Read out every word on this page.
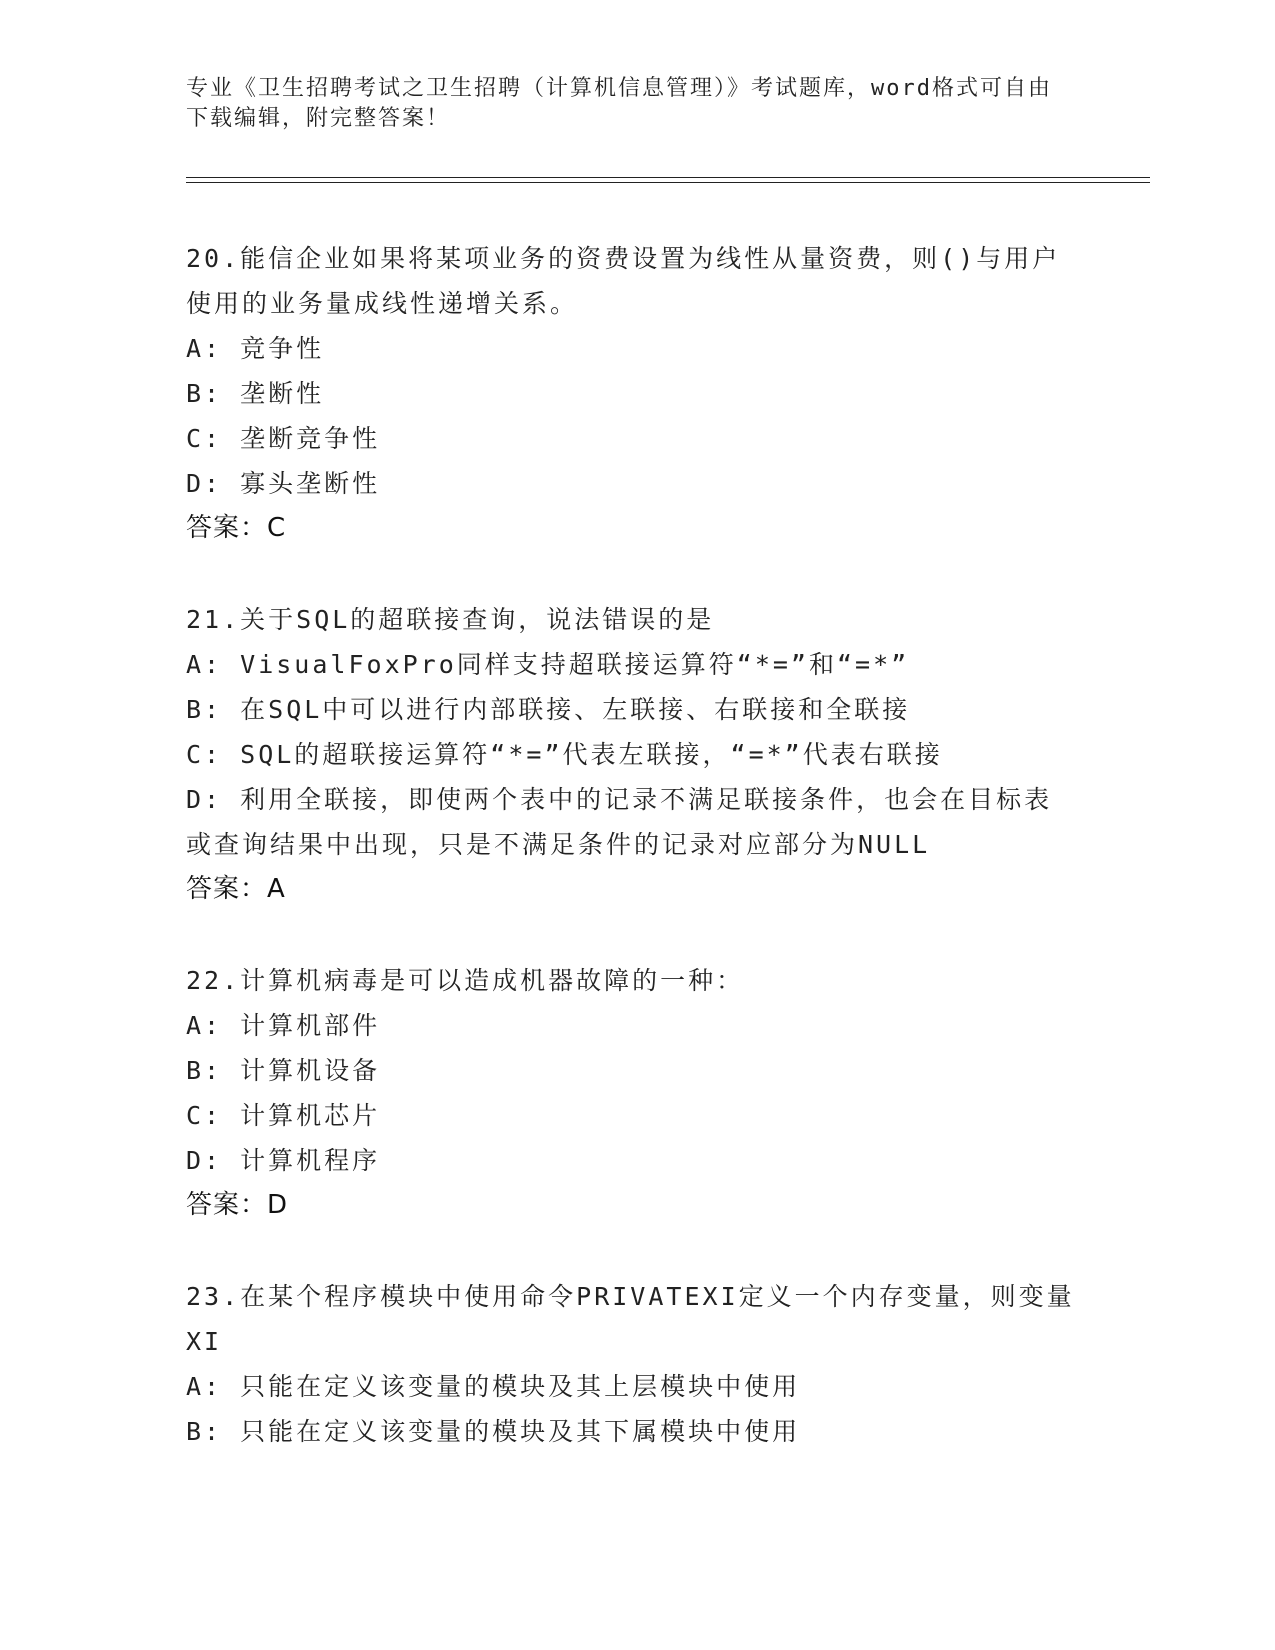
专业《卫生招聘考试之卫生招聘（计算机信息管理）》考试题库，word格式可自由下载编辑，附完整答案！
20.能信企业如果将某项业务的资费设置为线性从量资费，则()与用户使用的业务量成线性递增关系。
A: 竞争性
B: 垄断性
C: 垄断竞争性
D: 寡头垄断性
答案：C
21.关于SQL的超联接查询，说法错误的是
A: VisualFoxPro同样支持超联接运算符“*=”和“=*”
B: 在SQL中可以进行内部联接、左联接、右联接和全联接
C: SQL的超联接运算符“*=”代表左联接，“=*”代表右联接
D: 利用全联接，即使两个表中的记录不满足联接条件，也会在目标表或查询结果中出现，只是不满足条件的记录对应部分为NULL
答案：A
22.计算机病毒是可以造成机器故障的一种：
A: 计算机部件
B: 计算机设备
C: 计算机芯片
D: 计算机程序
答案：D
23.在某个程序模块中使用命令PRIVATEXI定义一个内存变量，则变量XI
A: 只能在定义该变量的模块及其上层模块中使用
B: 只能在定义该变量的模块及其下属模块中使用
